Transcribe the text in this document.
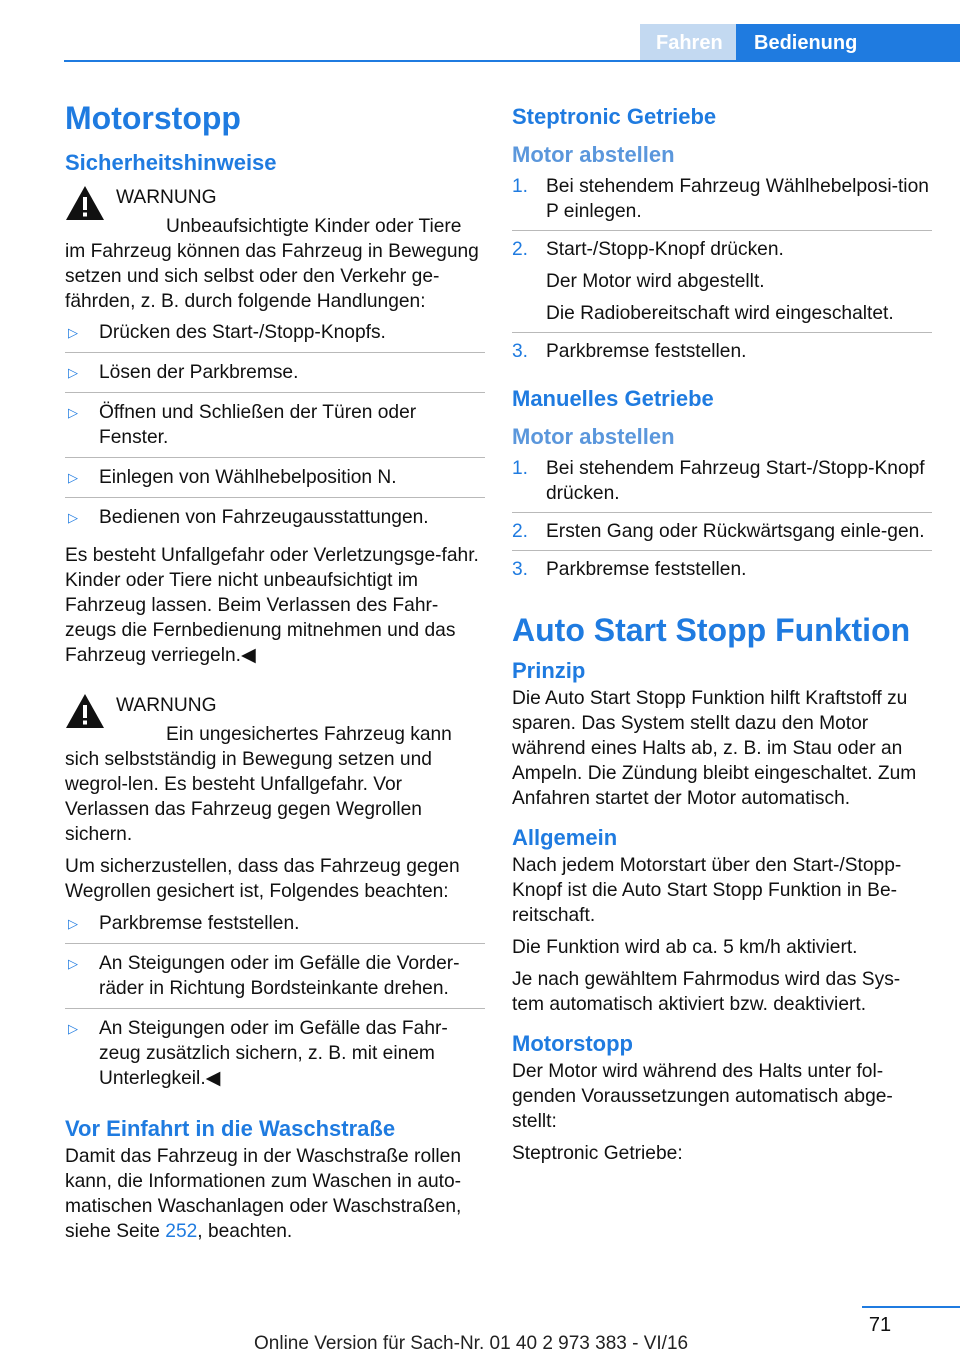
Fahren	Bedienung
Motorstopp
Sicherheitshinweise
WARNUNG

Unbeaufsichtigte Kinder oder Tiere im Fahrzeug können das Fahrzeug in Bewegung setzen und sich selbst oder den Verkehr ge‐fährden, z. B. durch folgende Handlungen:

▷ Drücken des Start-/Stopp-Knopfs.
▷ Lösen der Parkbremse.
▷ Öffnen und Schließen der Türen oder Fenster.
▷ Einlegen von Wählhebelposition N.
▷ Bedienen von Fahrzeugausstattungen.

Es besteht Unfallgefahr oder Verletzungsge‐fahr. Kinder oder Tiere nicht unbeaufsichtigt im Fahrzeug lassen. Beim Verlassen des Fahr‐zeugs die Fernbedienung mitnehmen und das Fahrzeug verriegeln.◀

WARNUNG

Ein ungesichertes Fahrzeug kann sich selbstständig in Bewegung setzen und wegrol‐len. Es besteht Unfallgefahr. Vor Verlassen das Fahrzeug gegen Wegrollen sichern.

Um sicherzustellen, dass das Fahrzeug gegen Wegrollen gesichert ist, Folgendes beachten:

▷ Parkbremse feststellen.
▷ An Steigungen oder im Gefälle die Vorder‐räder in Richtung Bordsteinkante drehen.
▷ An Steigungen oder im Gefälle das Fahr‐zeug zusätzlich sichern, z. B. mit einem Unterlegkeil.◀
Vor Einfahrt in die Waschstraße

Damit das Fahrzeug in der Waschstraße rollen kann, die Informationen zum Waschen in auto‐matischen Waschanlagen oder Waschstraßen, siehe Seite 252, beachten.

Steptronic Getriebe
Motor abstellen
1. Bei stehendem Fahrzeug Wählhebelposi‐tion P einlegen.
2. Start-/Stopp-Knopf drücken.
Der Motor wird abgestellt.
Die Radiobereitschaft wird eingeschaltet.
3. Parkbremse feststellen.
Manuelles Getriebe
Motor abstellen
1. Bei stehendem Fahrzeug Start-/Stopp-Knopf drücken.
2. Ersten Gang oder Rückwärtsgang einle‐gen.
3. Parkbremse feststellen.
Auto Start Stopp Funktion
Prinzip

Die Auto Start Stopp Funktion hilft Kraftstoff zu sparen. Das System stellt dazu den Motor während eines Halts ab, z. B. im Stau oder an Ampeln. Die Zündung bleibt eingeschaltet. Zum Anfahren startet der Motor automatisch.

Allgemein

Nach jedem Motorstart über den Start-/Stopp-Knopf ist die Auto Start Stopp Funktion in Be‐reitschaft.

Die Funktion wird ab ca. 5 km/h aktiviert.

Je nach gewähltem Fahrmodus wird das Sys‐tem automatisch aktiviert bzw. deaktiviert.

Motorstopp

Der Motor wird während des Halts unter fol‐genden Voraussetzungen automatisch abge‐stellt:

Steptronic Getriebe:

71
Online Version für Sach-Nr. 01 40 2 973 383 - VI/16
